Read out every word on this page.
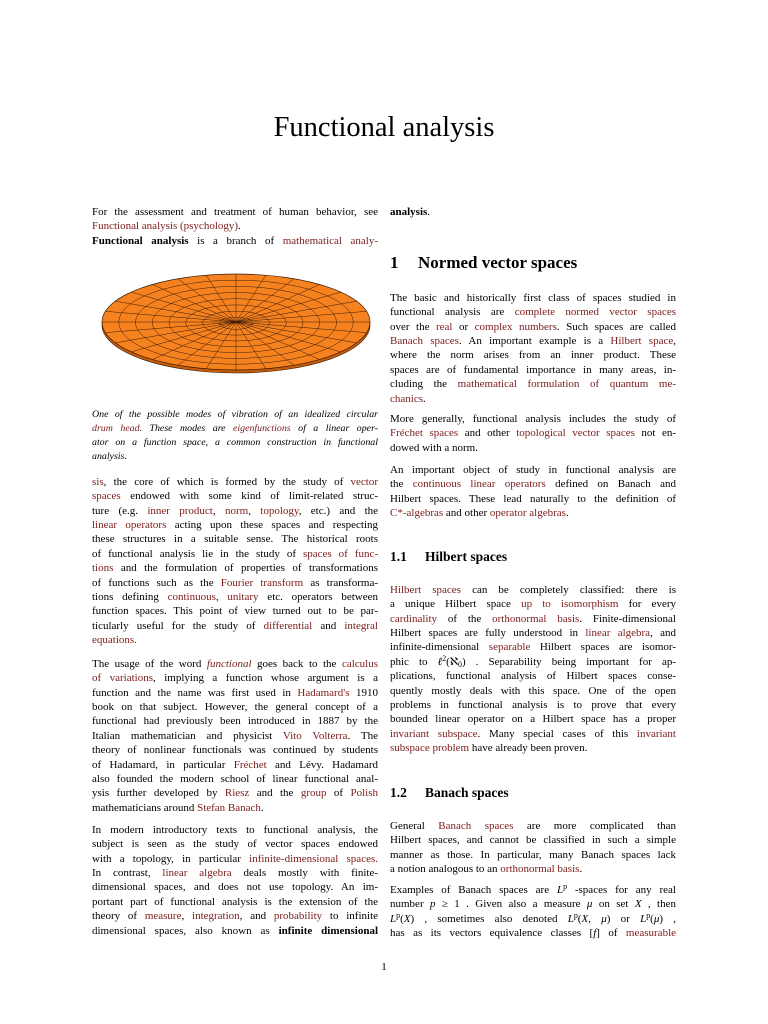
Functional analysis
1
For the assessment and treatment of human behavior, see
Functional analysis (psychology).
Functional analysis is a branch of mathematical analy-
One of the possible modes of vibration of an idealized circular
drum head. These modes are eigenfunctions of a linear oper-
ator on a function space, a common construction in functional
analysis.
sis, the core of which is formed by the study of vector
spaces endowed with some kind of limit-related struc-
ture (e.g. inner product, norm, topology, etc.) and the
linear operators acting upon these spaces and respecting
these structures in a suitable sense. The historical roots
of functional analysis lie in the study of spaces of func-
tions and the formulation of properties of transformations
of functions such as the Fourier transform as transforma-
tions defining continuous, unitary etc. operators between
function spaces. This point of view turned out to be par-
ticularly useful for the study of differential and integral
equations.
The usage of the word functional goes back to the calculus
of variations, implying a function whose argument is a
function and the name was first used in Hadamard's 1910
book on that subject. However, the general concept of a
functional had previously been introduced in 1887 by the
Italian mathematician and physicist Vito Volterra. The
theory of nonlinear functionals was continued by students
of Hadamard, in particular Fréchet and Lévy. Hadamard
also founded the modern school of linear functional anal-
ysis further developed by Riesz and the group of Polish
mathematicians around Stefan Banach.
In modern introductory texts to functional analysis, the
subject is seen as the study of vector spaces endowed
with a topology, in particular infinite-dimensional spaces.
In contrast, linear algebra deals mostly with finite-
dimensional spaces, and does not use topology. An im-
portant part of functional analysis is the extension of the
theory of measure, integration, and probability to infinite
dimensional spaces, also known as infinite dimensional
analysis.
1 Normed vector spaces
The basic and historically first class of spaces studied in
functional analysis are complete normed vector spaces
over the real or complex numbers. Such spaces are called
Banach spaces. An important example is a Hilbert space,
where the norm arises from an inner product. These
spaces are of fundamental importance in many areas, in-
cluding the mathematical formulation of quantum me-
chanics.
More generally, functional analysis includes the study of
Fréchet spaces and other topological vector spaces not en-
dowed with a norm.
An important object of study in functional analysis are
the continuous linear operators defined on Banach and
Hilbert spaces. These lead naturally to the definition of
C*-algebras and other operator algebras.
1.1 Hilbert spaces
Hilbert spaces can be completely classified: there is
a unique Hilbert space up to isomorphism for every
cardinality of the orthonormal basis. Finite-dimensional
Hilbert spaces are fully understood in linear algebra, and
infinite-dimensional separable Hilbert spaces are isomor-
phic to ℓ$^2$(ℵ0) . Separability being important for ap-
plications, functional analysis of Hilbert spaces conse-
quently mostly deals with this space. One of the open
problems in functional analysis is to prove that every
bounded linear operator on a Hilbert space has a proper
invariant subspace. Many special cases of this invariant
subspace problem have already been proven.
1.2 Banach spaces
General Banach spaces are more complicated than
Hilbert spaces, and cannot be classified in such a simple
manner as those. In particular, many Banach spaces lack
a notion analogous to an orthonormal basis.
Examples of Banach spaces are $L^p$ -spaces for any real
number p ≥ 1 . Given also a measure μ on set X , then
$L^p(X)$ , sometimes also denoted $L^p(X$, μ) or $L^p(\mu)$ ,
has as its vectors equivalence classes [f] of measurable
